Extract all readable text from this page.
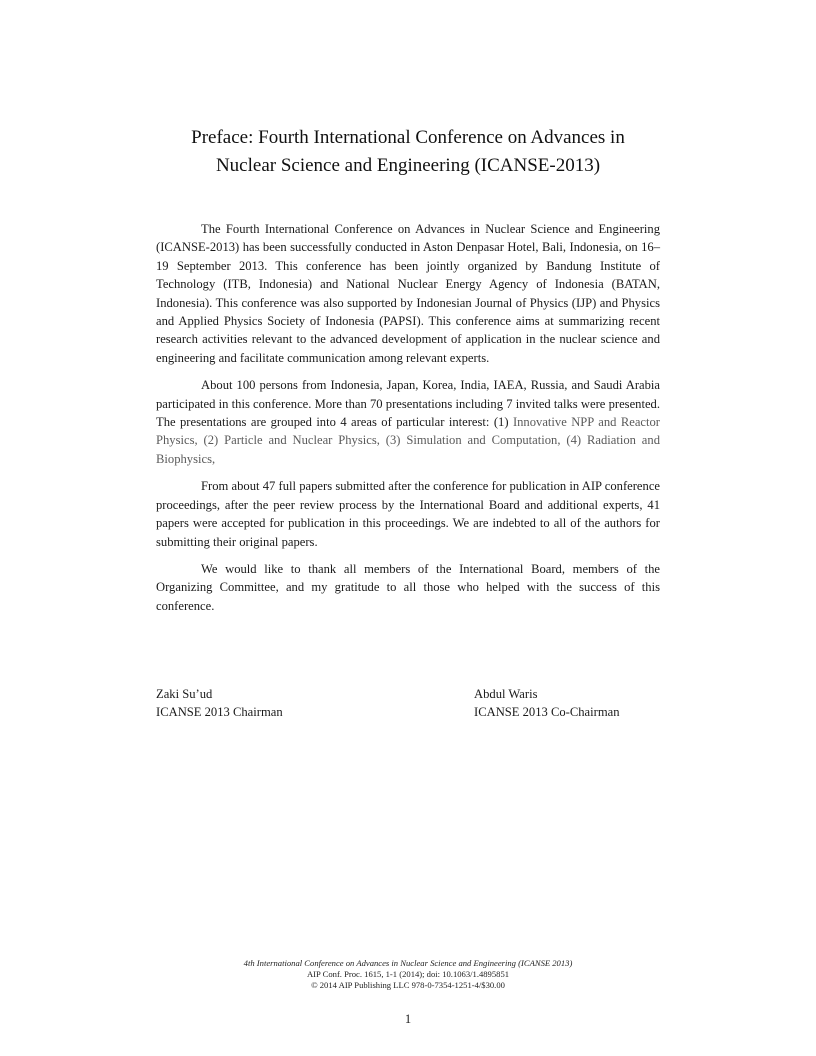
Preface: Fourth International Conference on Advances in
Nuclear Science and Engineering (ICANSE-2013)

The Fourth International Conference on Advances in Nuclear Science and Engineering (ICANSE-2013) has been successfully conducted in Aston Denpasar Hotel, Bali, Indonesia, on 16–19 September 2013. This conference has been jointly organized by Bandung Institute of Technology (ITB, Indonesia) and National Nuclear Energy Agency of Indonesia (BATAN, Indonesia). This conference was also supported by Indonesian Journal of Physics (IJP) and Physics and Applied Physics Society of Indonesia (PAPSI). This conference aims at summarizing recent research activities relevant to the advanced development of application in the nuclear science and engineering and facilitate communication among relevant experts.

About 100 persons from Indonesia, Japan, Korea, India, IAEA, Russia, and Saudi Arabia participated in this conference. More than 70 presentations including 7 invited talks were presented. The presentations are grouped into 4 areas of particular interest: (1) Innovative NPP and Reactor Physics, (2) Particle and Nuclear Physics, (3) Simulation and Computation, (4) Radiation and Biophysics,

From about 47 full papers submitted after the conference for publication in AIP conference proceedings, after the peer review process by the International Board and additional experts, 41 papers were accepted for publication in this proceedings. We are indebted to all of the authors for submitting their original papers.

We would like to thank all members of the International Board, members of the Organizing Committee, and my gratitude to all those who helped with the success of this conference.

Zaki Su’ud
ICANSE 2013 Chairman
Abdul Waris
ICANSE 2013 Co-Chairman
4th International Conference on Advances in Nuclear Science and Engineering (ICANSE 2013)
AIP Conf. Proc. 1615, 1-1 (2014); doi: 10.1063/1.4895851
© 2014 AIP Publishing LLC 978-0-7354-1251-4/$30.00
1
